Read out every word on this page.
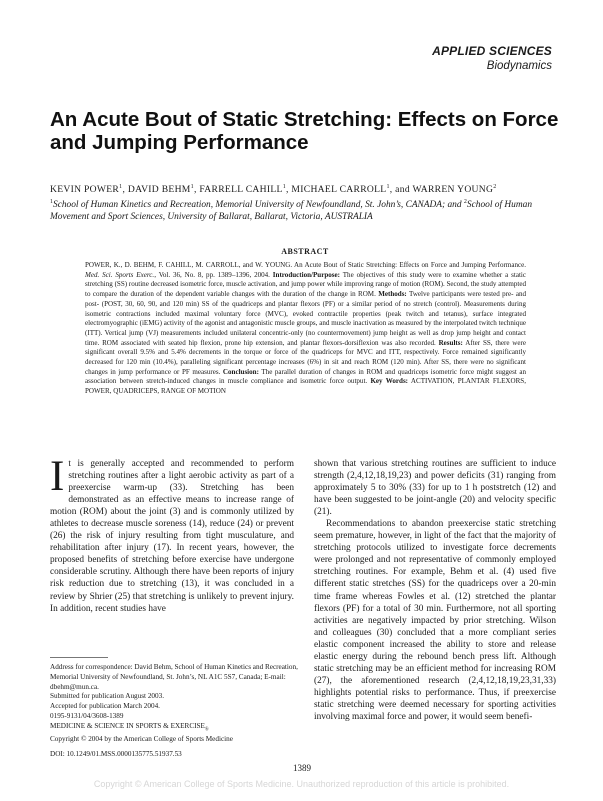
APPLIED SCIENCES
Biodynamics
An Acute Bout of Static Stretching: Effects on Force and Jumping Performance
KEVIN POWER$^1$, DAVID BEHM$^1$, FARRELL CAHILL$^1$, MICHAEL CARROLL$^1$, and WARREN YOUNG$^2$
$^1$School of Human Kinetics and Recreation, Memorial University of Newfoundland, St. John’s, CANADA; and $^2$School of Human Movement and Sport Sciences, University of Ballarat, Ballarat, Victoria, AUSTRALIA
ABSTRACT
POWER, K., D. BEHM, F. CAHILL, M. CARROLL, and W. YOUNG. An Acute Bout of Static Stretching: Effects on Force and Jumping Performance. Med. Sci. Sports Exerc., Vol. 36, No. 8, pp. 1389–1396, 2004. Introduction/Purpose: The objectives of this study were to examine whether a static stretching (SS) routine decreased isometric force, muscle activation, and jump power while improving range of motion (ROM). Second, the study attempted to compare the duration of the dependent variable changes with the duration of the change in ROM. Methods: Twelve participants were tested pre- and post- (POST, 30, 60, 90, and 120 min) SS of the quadriceps and plantar flexors (PF) or a similar period of no stretch (control). Measurements during isometric contractions included maximal voluntary force (MVC), evoked contractile properties (peak twitch and tetanus), surface integrated electromyographic (iEMG) activity of the agonist and antagonistic muscle groups, and muscle inactivation as measured by the interpolated twitch technique (ITT). Vertical jump (VJ) measurements included unilateral concentric-only (no countermovement) jump height as well as drop jump height and contact time. ROM associated with seated hip flexion, prone hip extension, and plantar flexors-dorsiflexion was also recorded. Results: After SS, there were significant overall 9.5% and 5.4% decrements in the torque or force of the quadriceps for MVC and ITT, respectively. Force remained significantly decreased for 120 min (10.4%), paralleling significant percentage increases (6%) in sit and reach ROM (120 min). After SS, there were no significant changes in jump performance or PF measures. Conclusion: The parallel duration of changes in ROM and quadriceps isometric force might suggest an association between stretch-induced changes in muscle compliance and isometric force output. Key Words: ACTIVATION, PLANTAR FLEXORS, POWER, QUADRICEPS, RANGE OF MOTION

It is generally accepted and recommended to perform stretching routines after a light aerobic activity as part of a preexercise warm-up (33). Stretching has been demonstrated as an effective means to increase range of motion (ROM) about the joint (3) and is commonly utilized by athletes to decrease muscle soreness (14), reduce (24) or prevent (26) the risk of injury resulting from tight musculature, and rehabilitation after injury (17). In recent years, however, the proposed benefits of stretching before exercise have undergone considerable scrutiny. Although there have been reports of injury risk reduction due to stretching (13), it was concluded in a review by Shrier (25) that stretching is unlikely to prevent injury. In addition, recent studies have

shown that various stretching routines are sufficient to induce strength (2,4,12,18,19,23) and power deficits (31) ranging from approximately 5 to 30% (33) for up to 1 h poststretch (12) and have been suggested to be joint-angle (20) and velocity specific (21).

Recommendations to abandon preexercise static stretching seem premature, however, in light of the fact that the majority of stretching protocols utilized to investigate force decrements were prolonged and not representative of commonly employed stretching routines. For example, Behm et al. (4) used five different static stretches (SS) for the quadriceps over a 20-min time frame whereas Fowles et al. (12) stretched the plantar flexors (PF) for a total of 30 min. Furthermore, not all sporting activities are negatively impacted by prior stretching. Wilson and colleagues (30) concluded that a more compliant series elastic component increased the ability to store and release elastic energy during the rebound bench press lift. Although static stretching may be an efficient method for increasing ROM (27), the aforementioned research (2,4,12,18,19,23,31,33) highlights potential risks to performance. Thus, if preexercise static stretching were deemed necessary for sporting activities involving maximal force and power, it would seem benefi-

Address for correspondence: David Behm, School of Human Kinetics and Recreation, Memorial University of Newfoundland, St. John’s, NL A1C 5S7, Canada; E-mail: dbehm@mun.ca.

Submitted for publication August 2003.

Accepted for publication March 2004.

0195-9131/04/3608-1389

MEDICINE & SCIENCE IN SPORTS & $EXERCISE_®$

Copyright © 2004 by the American College of Sports Medicine

DOI: 10.1249/01.MSS.0000135775.51937.53
1389
Copyright © American College of Sports Medicine. Unauthorized reproduction of this article is prohibited.
